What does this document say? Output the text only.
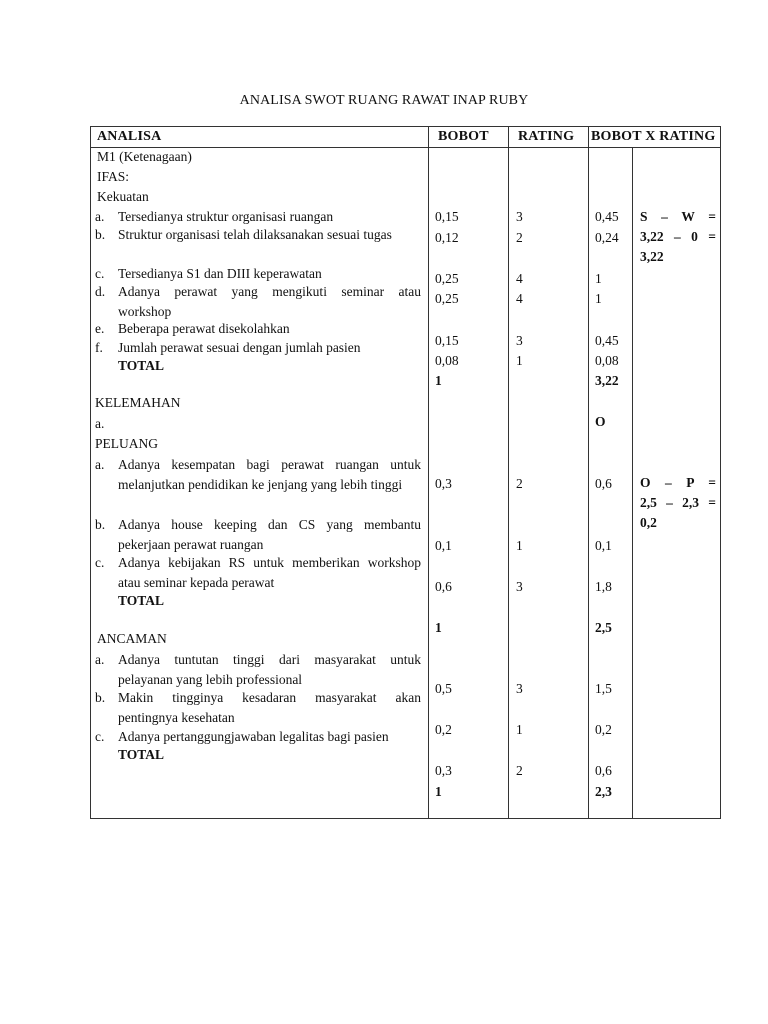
ANALISA SWOT RUANG RAWAT INAP RUBY
ANALISA	BOBOT RATING BOBOT X RATING
M1 (Ketenagaan)
IFAS:
Kekuatan
a. Tersedianya struktur organisasi ruangan
b. Struktur organisasi telah dilaksanakan sesuai tugas
c. Tersedianya S1 dan DIII keperawatan
d. Adanya perawat yang mengikuti seminar atau workshop
e. Beberapa perawat disekolahkan
f. Jumlah perawat sesuai dengan jumlah pasien
TOTAL
KELEMAHAN
a.
PELUANG
a. Adanya kesempatan bagi perawat ruangan untuk melanjutkan pendidikan ke jenjang yang lebih tinggi
b. Adanya house keeping dan CS yang membantu pekerjaan perawat ruangan
c. Adanya kebijakan RS untuk memberikan workshop atau seminar kepada perawat
TOTAL
ANCAMAN
a. Adanya tuntutan tinggi dari masyarakat untuk pelayanan yang lebih professional
b. Makin tingginya kesadaran masyarakat akan pentingnya kesehatan
c. Adanya pertanggungjawaban legalitas bagi pasien
TOTAL
0,15
0,12
0,25
0,25
0,15
0,08
1
0,3
0,1
0,6
1
0,5
0,2
0,3
1
3
2
4
4
3
1
2
1
3
3
1
2
0,45
0,24
1
1
0,45
0,08
3,22
O
0,6
0,1
1,8
2,5
1,5
0,2
0,6
2,3
S – W =
3,22 – 0 =
3,22
O – P =
2,5 – 2,3 =
0,2
